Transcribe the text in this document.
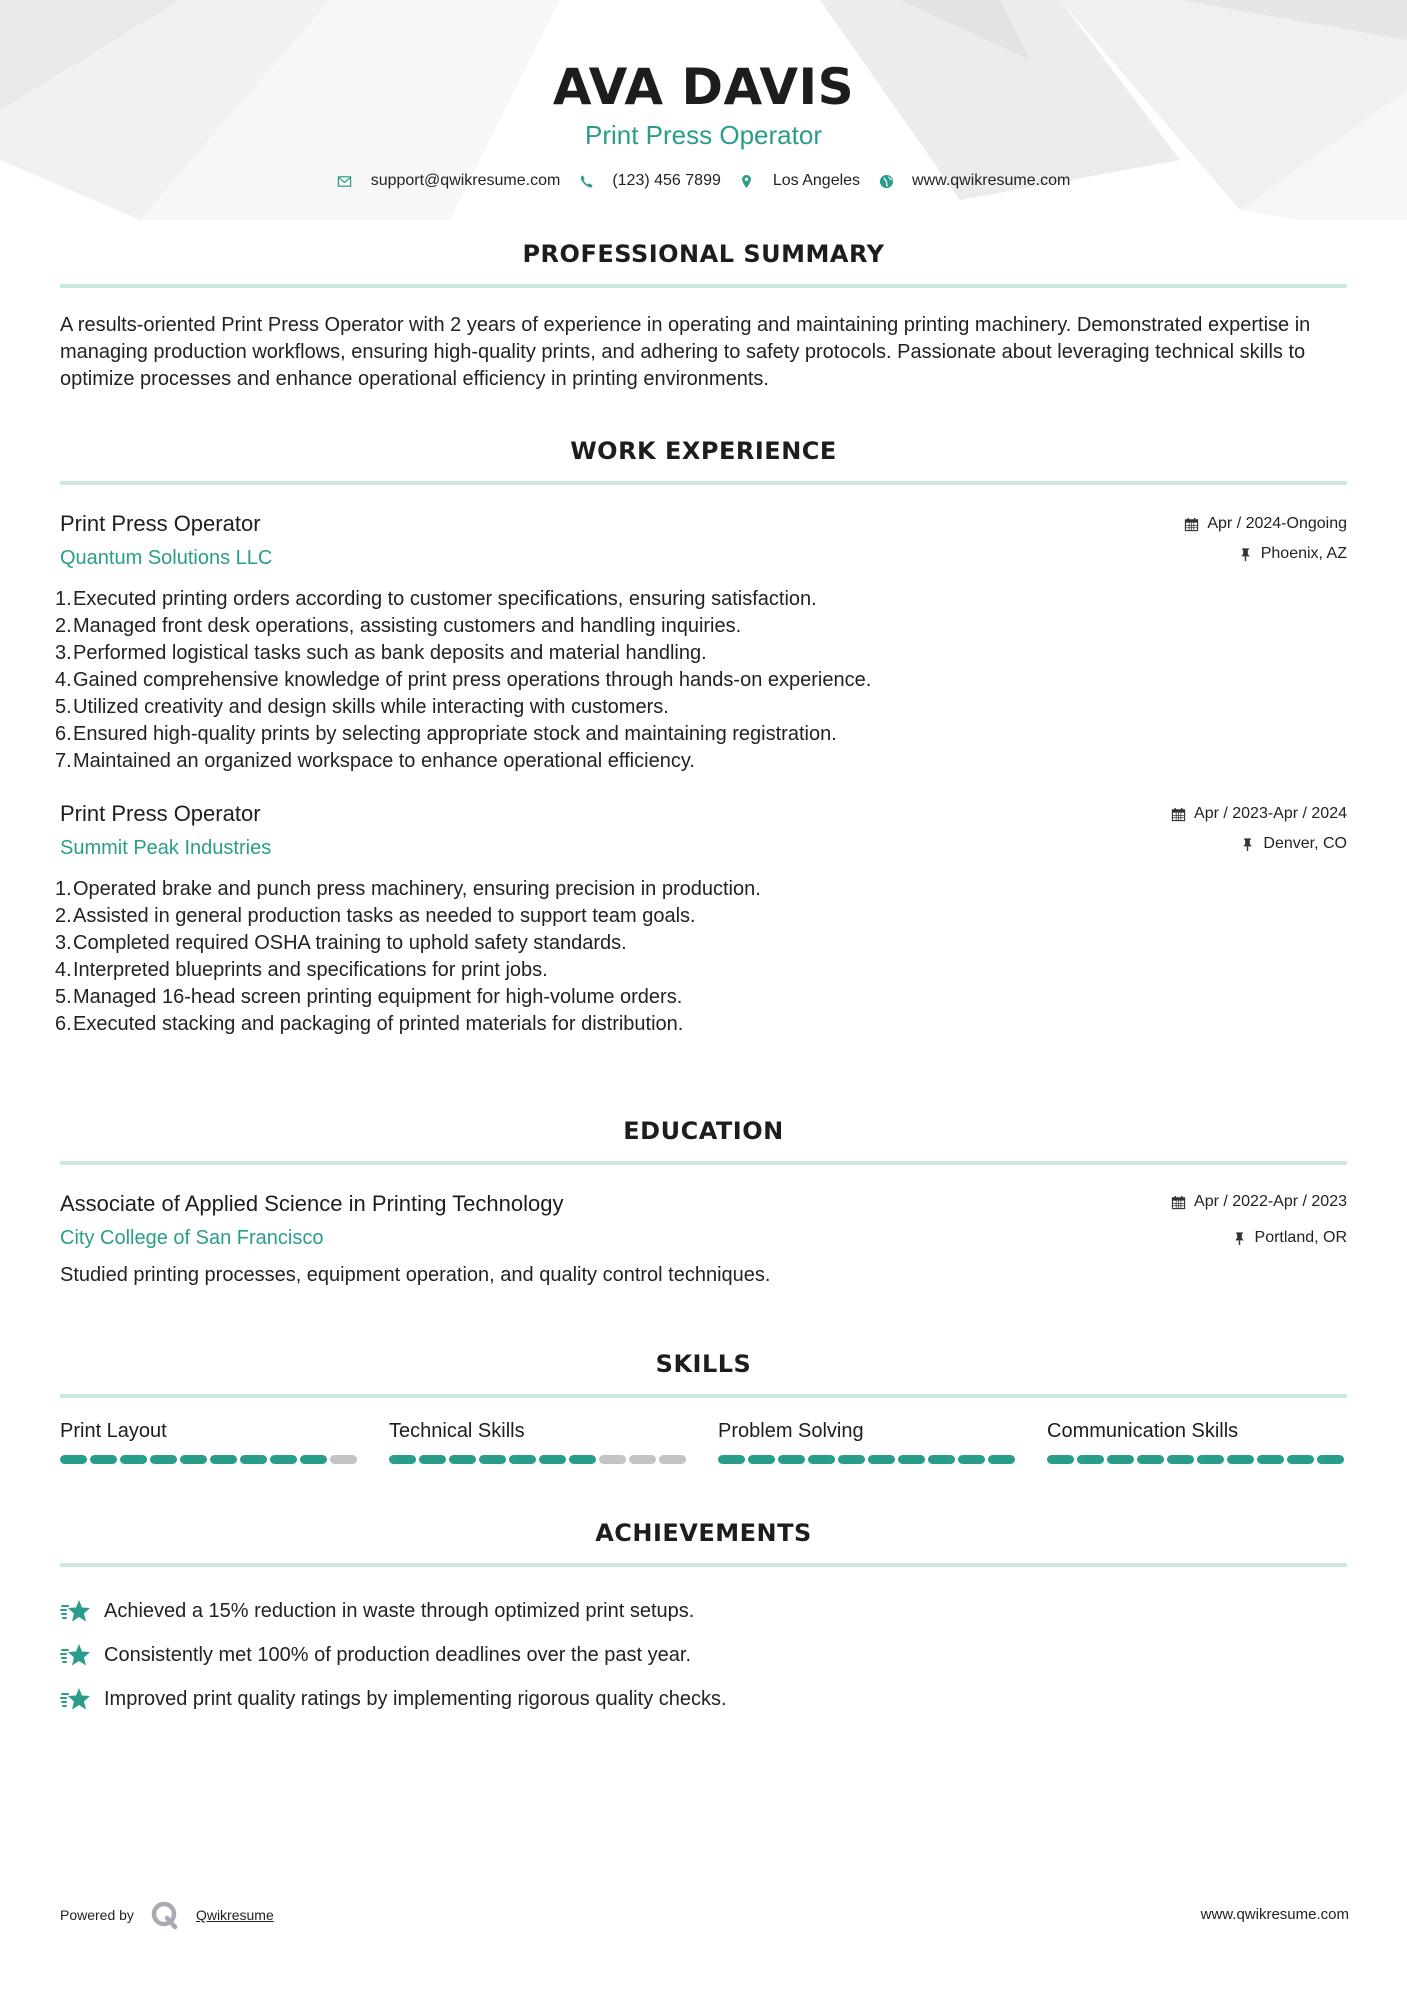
AVA DAVIS
Print Press Operator
support@qwikresume.com	(123) 456 7899	Los Angeles	www.qwikresume.com
PROFESSIONAL SUMMARY
A results-oriented Print Press Operator with 2 years of experience in operating and maintaining printing machinery. Demonstrated expertise in managing production workflows, ensuring high-quality prints, and adhering to safety protocols. Passionate about leveraging technical skills to optimize processes and enhance operational efficiency in printing environments.
WORK EXPERIENCE
Print Press Operator
Quantum Solutions LLC
Apr / 2024-Ongoing
Phoenix, AZ
1. Executed printing orders according to customer specifications, ensuring satisfaction.
2. Managed front desk operations, assisting customers and handling inquiries.
3. Performed logistical tasks such as bank deposits and material handling.
4. Gained comprehensive knowledge of print press operations through hands-on experience.
5. Utilized creativity and design skills while interacting with customers.
6. Ensured high-quality prints by selecting appropriate stock and maintaining registration.
7. Maintained an organized workspace to enhance operational efficiency.
Print Press Operator
Summit Peak Industries
Apr / 2023-Apr / 2024
Denver, CO
1. Operated brake and punch press machinery, ensuring precision in production.
2. Assisted in general production tasks as needed to support team goals.
3. Completed required OSHA training to uphold safety standards.
4. Interpreted blueprints and specifications for print jobs.
5. Managed 16-head screen printing equipment for high-volume orders.
6. Executed stacking and packaging of printed materials for distribution.
EDUCATION
Associate of Applied Science in Printing Technology
City College of San Francisco
Apr / 2022-Apr / 2023
Portland, OR
Studied printing processes, equipment operation, and quality control techniques.
SKILLS
Print Layout	Technical Skills	Problem Solving	Communication Skills
ACHIEVEMENTS
Achieved a 15% reduction in waste through optimized print setups.
Consistently met 100% of production deadlines over the past year.
Improved print quality ratings by implementing rigorous quality checks.
Powered by	Qwikresume	www.qwikresume.com
